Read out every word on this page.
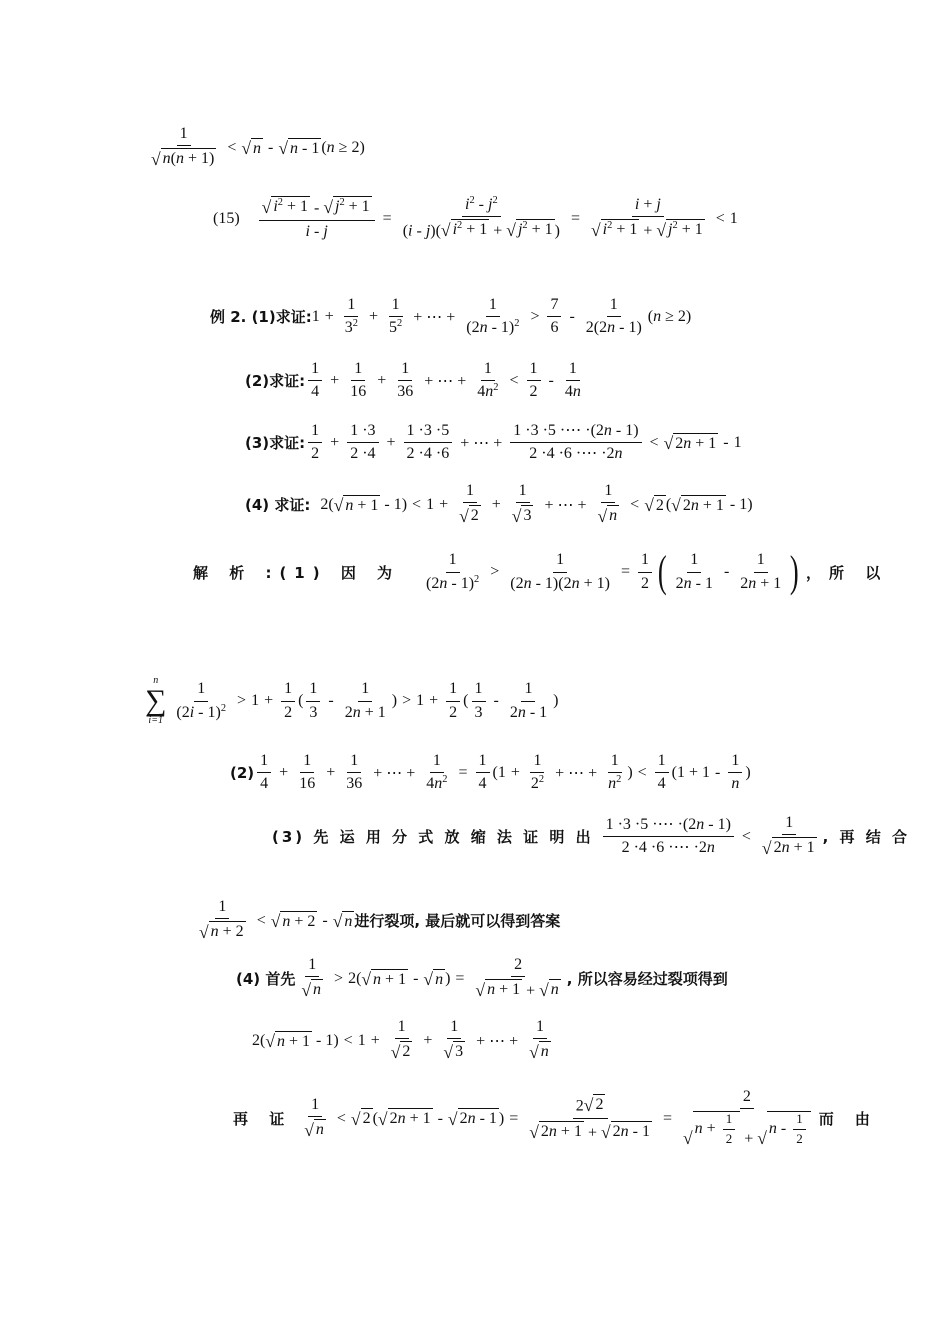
$\frac{1}{√ n(n + 1)}$ < √ n - √ n - 1 (n ≥ 2)
$(15) \frac{√ i^2 + 1 - √ j^2 + 1}{i - j} = \frac{i^2 - j^2}{(i - j)( √ i^2 + 1 + √ j^2 + 1 )} = \frac{i + j}{√ i^2 + 1 + √ j^2 + 1} < 1$
例 2. (1)求证: $1 + \frac{1}{3^2} + \frac{1}{5^2}$ + ⋯ + $\frac{1}{(2n - 1)^2} > \frac{7}{6} - \frac{1}{2(2n - 1)} (n \ge 2)$
(2)求证: $\frac{1}{4} + \frac{1}{16} + \frac{1}{36}$ + ⋯ + $\frac{1}{4n^2} < \frac{1}{2} - \frac{1}{4n}$
(3)求证: $\frac{1}{2} + \frac{1 \cdot 3}{2 \cdot 4} + \frac{1 \cdot 3 \cdot 5}{2 \cdot 4 \cdot 6}$ + ⋯ + $\frac{1 \cdot 3 \cdot 5 \cdot\cdots \cdot(2n - 1)}{2 \cdot 4 \cdot 6 \cdot\cdots \cdot 2n}$ < √ 2n + 1 - 1
(4) 求证: 2( √ $n + 1 - 1) < 1 + \frac{1}{√ 2} + \frac{1}{√ 3}$ + ⋯ + $\frac{1}{√ n}$ < √ 2 ( √ 2n + 1 - 1)
解 析 :(1) 因 为 $\frac{1}{(2n - 1)^2} > \frac{1}{(2n - 1)(2n + 1)} = \frac{1}{2}$ ( $\frac{1}{2n - 1} - \frac{1}{2n + 1}$ ) ，所 以
n
∑
$i=1 \frac{1}{(2i - 1)^2} > 1 + \frac{1}{2}$ ( $\frac{1}{3} - \frac{1}{2n + 1}$ ) > $1 + \frac{1}{2}$ ( $\frac{1}{3} - \frac{1}{2n - 1}$ )
$(2) \frac{1}{4} + \frac{1}{16} + \frac{1}{36}$ + ⋯ + $\frac{1}{4n^2} = \frac{1}{4} (1 + \frac{1}{2^2}$ + ⋯ + $\frac{1}{n^2}$ ) < $\frac{1}{4} (1 + 1 - \frac{1}{n}$ )
(3) 先 运 用 分 式 放 缩 法 证 明 出 $\frac{1 \cdot 3 \cdot 5 \cdot\cdots \cdot(2n - 1)}{2 \cdot 4 \cdot 6 \cdot\cdots \cdot 2n} < \frac{1}{√ 2n + 1}$ , 再 结 合
$\frac{1}{√ n + 2}$ < √ n + 2 - √ n 进行裂项, 最后就可以得到答案
(4) 首先 $\frac{1}{√ n} > 2$( √ n + 1 - √ n ) = $\frac{2}{√ n + 1 + √ n}$ , 所以容易经过裂项得到
2( √ $n + 1 - 1) < 1 + \frac{1}{√ 2} + \frac{1}{√ 3}$ + ⋯ + $\frac{1}{√ n}$
再 证 $\frac{1}{√ n}$ < √ 2 ( √ 2n + 1 - √ 2n - 1 ) = $\frac{2 √ 2}{√ 2n + 1 + √ 2n - 1} = \frac{2}{√ n + \frac{1}{2} + √ n - \frac{1}{2}}$ 而 由
